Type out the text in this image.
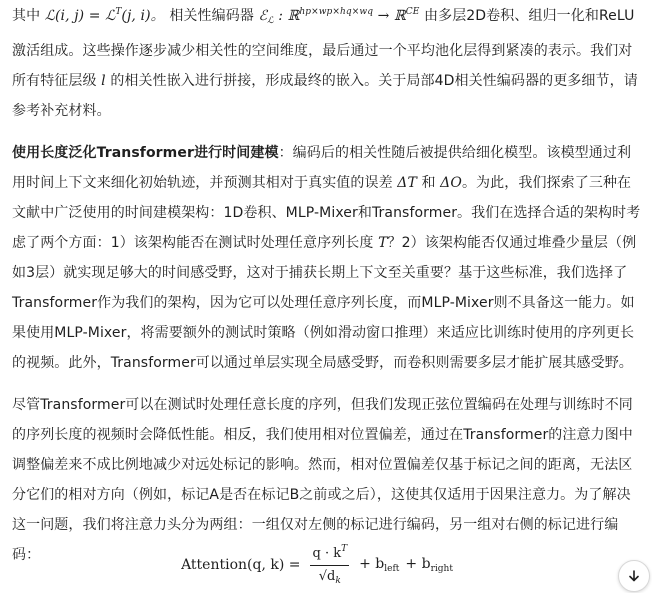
其中 ℒ(i, j) = ℒ$^T$(j, i)。 相关性编码器 ℰ$_ℒ$ : ℝ$^{hp\times wp\times hq\times wq}$ → ℝ$^{CE}$ 由多层2D卷积、组归一化和ReLU激活组成。这些操作逐步减少相关性的空间维度，最后通过一个平均池化层得到紧凑的表示。我们对所有特征层级 l 的相关性嵌入进行拼接，形成最终的嵌入。关于局部4D相关性编码器的更多细节，请参考补充材料。

使用长度泛化Transformer进行时间建模：编码后的相关性随后被提供给细化模型。该模型通过利用时间上下文来细化初始轨迹，并预测其相对于真实值的误差 ΔT 和 ΔO。为此，我们探索了三种在文献中广泛使用的时间建模架构：1D卷积、MLP-Mixer和Transformer。我们在选择合适的架构时考虑了两个方面：1）该架构能否在测试时处理任意序列长度 T？2）该架构能否仅通过堆叠少量层（例如3层）就实现足够大的时间感受野，这对于捕获长期上下文至关重要？基于这些标准，我们选择了Transformer作为我们的架构，因为它可以处理任意序列长度，而MLP-Mixer则不具备这一能力。如果使用MLP-Mixer，将需要额外的测试时策略（例如滑动窗口推理）来适应比训练时使用的序列更长的视频。此外，Transformer可以通过单层实现全局感受野，而卷积则需要多层才能扩展其感受野。

尽管Transformer可以在测试时处理任意长度的序列，但我们发现正弦位置编码在处理与训练时不同的序列长度的视频时会降低性能。相反，我们使用相对位置偏差，通过在Transformer的注意力图中调整偏差来不成比例地减少对远处标记的影响。然而，相对位置偏差仅基于标记之间的距离，无法区分它们的相对方向（例如，标记A是否在标记B之前或之后），这使其仅适用于因果注意力。为了解决这一问题，我们将注意力头分为两组：一组仅对左侧的标记进行编码，另一组对右侧的标记进行编码：

Attention(q, $k) = \frac{q \cdot k^T}{√d_k} + b_{left} + b_{right}$
